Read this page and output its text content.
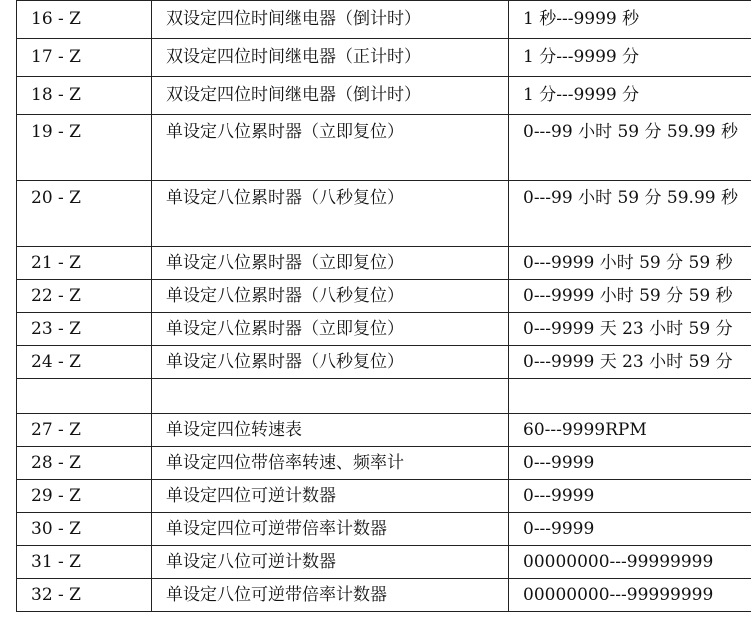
16 - Z	双设定四位时间继电器（倒计时）	1 秒---9999 秒
17 - Z	双设定四位时间继电器（正计时）	1 分---9999 分
18 - Z	双设定四位时间继电器（倒计时）	1 分---9999 分
19 - Z	单设定八位累时器（立即复位）	0---99 小时 59 分 59.99 秒
20 - Z	单设定八位累时器（八秒复位）	0---99 小时 59 分 59.99 秒
21 - Z	单设定八位累时器（立即复位）	0---9999 小时 59 分 59 秒
22 - Z	单设定八位累时器（八秒复位）	0---9999 小时 59 分 59 秒
23 - Z	单设定八位累时器（立即复位）	0---9999 天 23 小时 59 分
24 - Z	单设定八位累时器（八秒复位）	0---9999 天 23 小时 59 分

27 - Z	单设定四位转速表	60---9999RPM
28 - Z	单设定四位带倍率转速、频率计	0---9999
29 - Z	单设定四位可逆计数器	0---9999
30 - Z	单设定四位可逆带倍率计数器	0---9999
31 - Z	单设定八位可逆计数器	00000000---99999999
32 - Z	单设定八位可逆带倍率计数器	00000000---99999999
